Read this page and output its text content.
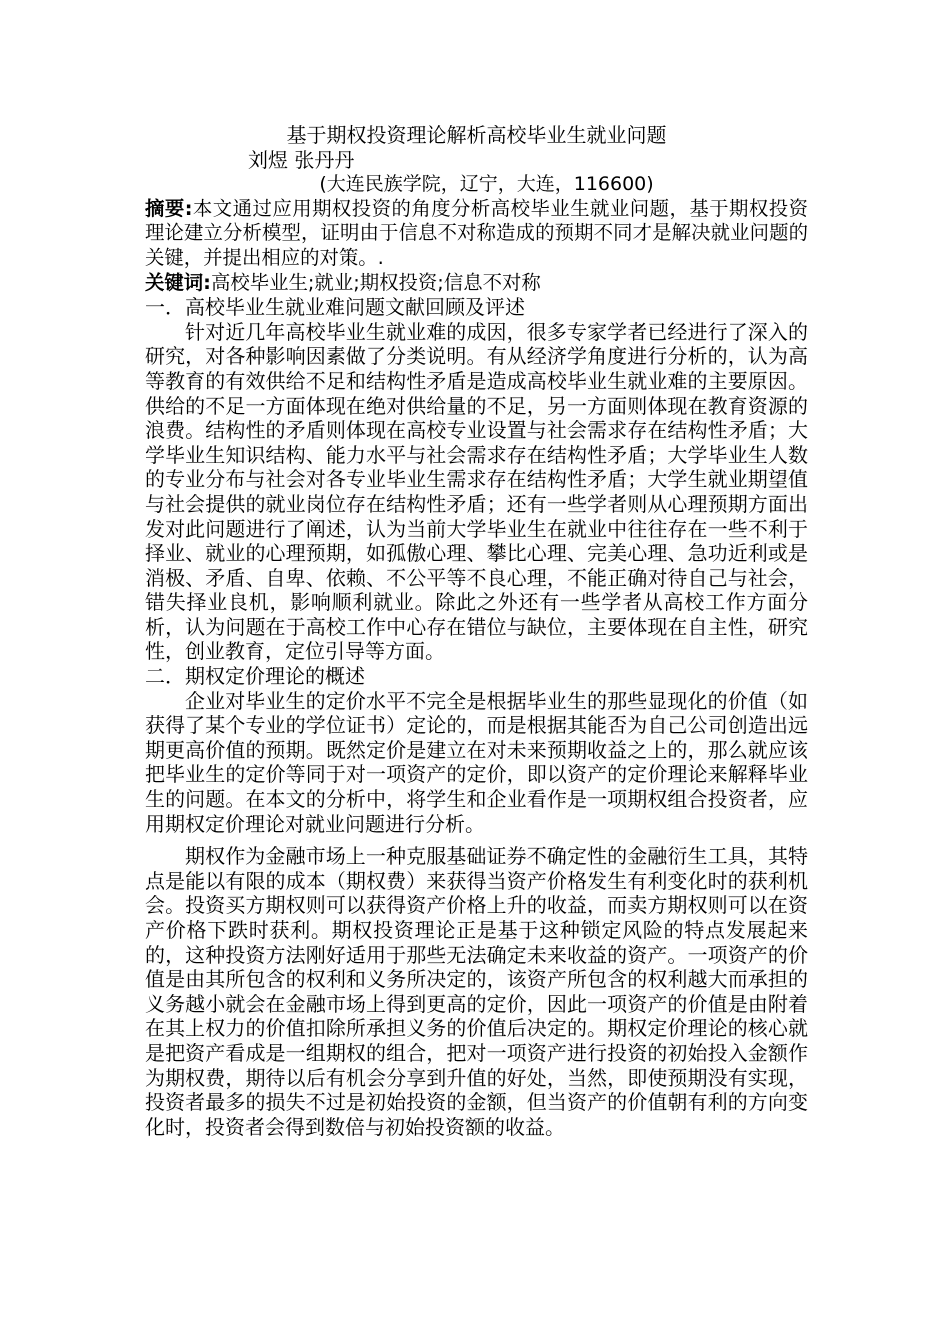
基于期权投资理论解析高校毕业生就业问题

刘煜 张丹丹

(大连民族学院，辽宁，大连，116600)

摘要:本文通过应用期权投资的角度分析高校毕业生就业问题，基于期权投资理论建立分析模型，证明由于信息不对称造成的预期不同才是解决就业问题的关键，并提出相应的对策。.

关键词:高校毕业生;就业;期权投资;信息不对称

一．高校毕业生就业难问题文献回顾及评述

针对近几年高校毕业生就业难的成因，很多专家学者已经进行了深入的研究，对各种影响因素做了分类说明。有从经济学角度进行分析的，认为高等教育的有效供给不足和结构性矛盾是造成高校毕业生就业难的主要原因。供给的不足一方面体现在绝对供给量的不足，另一方面则体现在教育资源的浪费。结构性的矛盾则体现在高校专业设置与社会需求存在结构性矛盾；大学毕业生知识结构、能力水平与社会需求存在结构性矛盾；大学毕业生人数的专业分布与社会对各专业毕业生需求存在结构性矛盾；大学生就业期望值与社会提供的就业岗位存在结构性矛盾；还有一些学者则从心理预期方面出发对此问题进行了阐述，认为当前大学毕业生在就业中往往存在一些不利于择业、就业的心理预期，如孤傲心理、攀比心理、完美心理、急功近利或是消极、矛盾、自卑、依赖、不公平等不良心理，不能正确对待自己与社会，错失择业良机，影响顺利就业。除此之外还有一些学者从高校工作方面分析，认为问题在于高校工作中心存在错位与缺位，主要体现在自主性，研究性，创业教育，定位引导等方面。

二．期权定价理论的概述

企业对毕业生的定价水平不完全是根据毕业生的那些显现化的价值（如获得了某个专业的学位证书）定论的，而是根据其能否为自己公司创造出远期更高价值的预期。既然定价是建立在对未来预期收益之上的，那么就应该把毕业生的定价等同于对一项资产的定价，即以资产的定价理论来解释毕业生的问题。在本文的分析中，将学生和企业看作是一项期权组合投资者，应用期权定价理论对就业问题进行分析。

期权作为金融市场上一种克服基础证券不确定性的金融衍生工具，其特点是能以有限的成本（期权费）来获得当资产价格发生有利变化时的获利机会。投资买方期权则可以获得资产价格上升的收益，而卖方期权则可以在资产价格下跌时获利。期权投资理论正是基于这种锁定风险的特点发展起来的，这种投资方法刚好适用于那些无法确定未来收益的资产。一项资产的价值是由其所包含的权利和义务所决定的，该资产所包含的权利越大而承担的义务越小就会在金融市场上得到更高的定价，因此一项资产的价值是由附着在其上权力的价值扣除所承担义务的价值后决定的。期权定价理论的核心就是把资产看成是一组期权的组合，把对一项资产进行投资的初始投入金额作为期权费，期待以后有机会分享到升值的好处，当然，即使预期没有实现，投资者最多的损失不过是初始投资的金额，但当资产的价值朝有利的方向变化时，投资者会得到数倍与初始投资额的收益。
